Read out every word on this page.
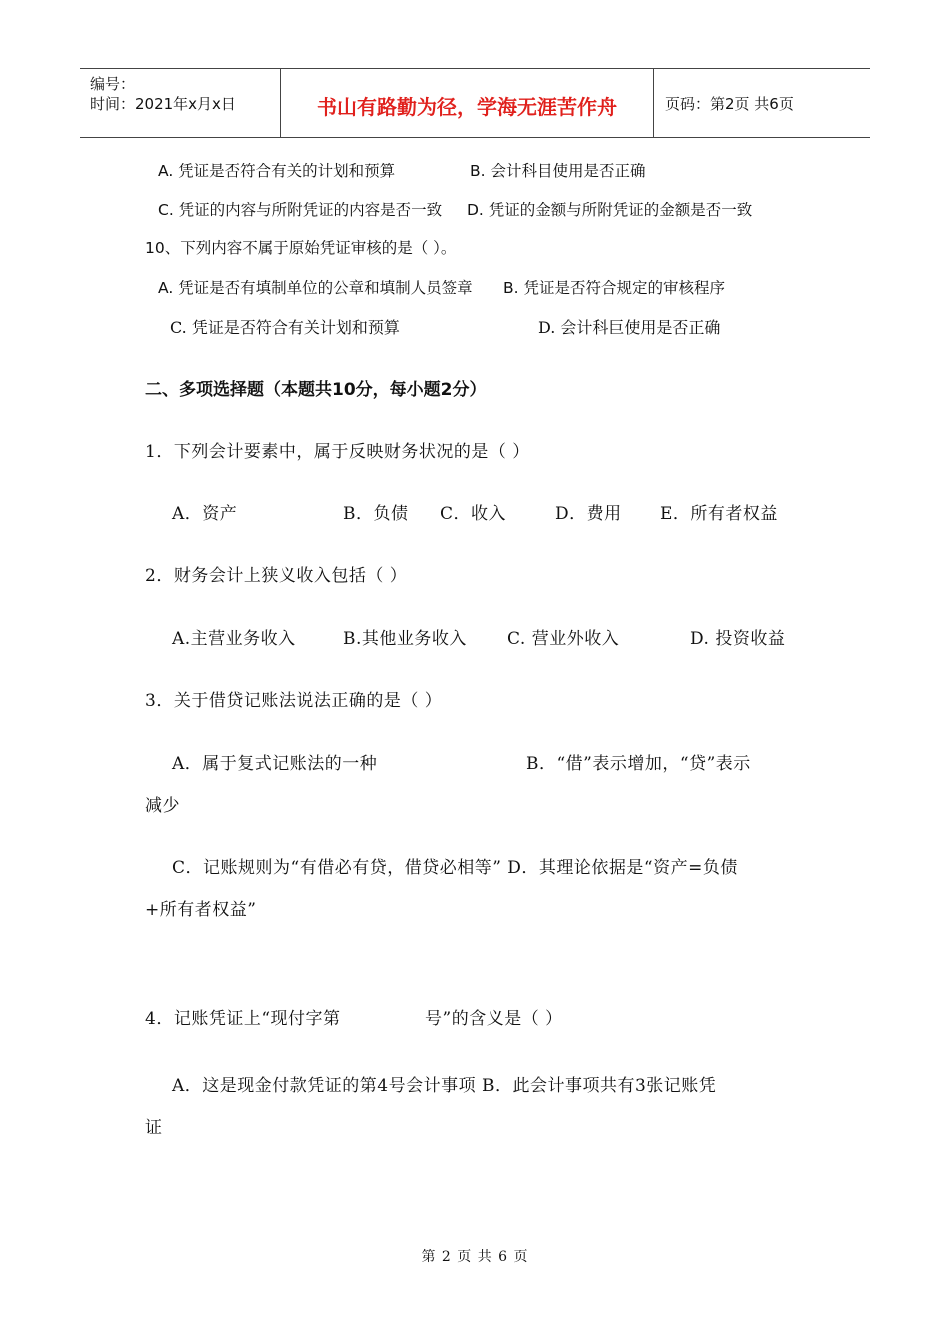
编号：
时间：2021年x月x日	书山有路勤为径，学海无涯苦作舟	页码：第2页 共6页
A. 凭证是否符合有关的计划和预算	B. 会计科目使用是否正确
C. 凭证的内容与所附凭证的内容是否一致 D. 凭证的金额与所附凭证的金额是否一致
10、下列内容不属于原始凭证审核的是（ ）。
A. 凭证是否有填制单位的公章和填制人员签章 B. 凭证是否符合规定的审核程序
C. 凭证是否符合有关计划和预算	D. 会计科巨使用是否正确
二、多项选择题（本题共10分，每小题2分）
1．下列会计要素中，属于反映财务状况的是（ ）
A．资产	B．负债 C．收入	D．费用 E．所有者权益
2．财务会计上狭义收入包括（ ）
A.主营业务收入	B.其他业务收入 C. 营业外收入	D. 投资收益
3．关于借贷记账法说法正确的是（ ）
A．属于复式记账法的一种	B．“借”表示增加，“贷”表示
减少
C．记账规则为“有借必有贷，借贷必相等” D．其理论依据是“资产=负债
+所有者权益”
4．记账凭证上“现付字第	号”的含义是（ ）
A．这是现金付款凭证的第4号会计事项 B．此会计事项共有3张记账凭
证
第 2 页 共 6 页
